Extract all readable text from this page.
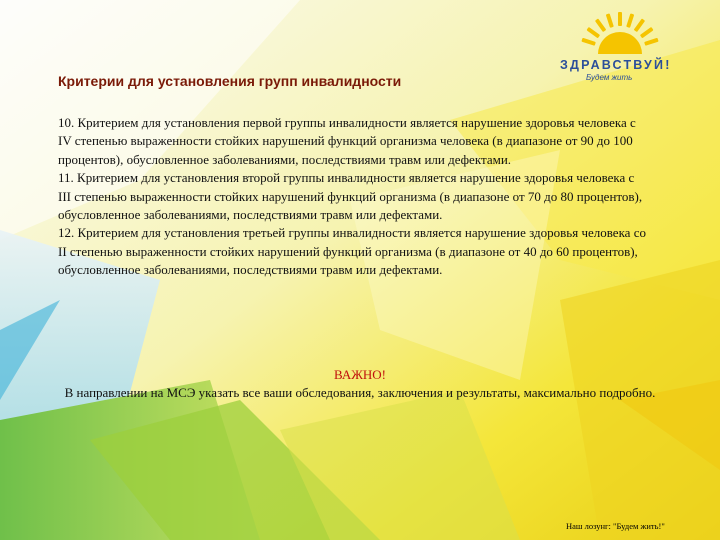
ЗДРАВСТВУЙ!
Будем жить
Критерии для установления групп инвалидности

10. Критерием для установления первой группы инвалидности является нарушение здоровья человека с IV степенью выраженности стойких нарушений функций организма человека (в диапазоне от 90 до 100 процентов), обусловленное заболеваниями, последствиями травм или дефектами.

11. Критерием для установления второй группы инвалидности является нарушение здоровья человека с III степенью выраженности стойких нарушений функций организма (в диапазоне от 70 до 80 процентов), обусловленное заболеваниями, последствиями травм или дефектами.

12. Критерием для установления третьей группы инвалидности является нарушение здоровья человека со II степенью выраженности стойких нарушений функций организма (в диапазоне от 40 до 60 процентов), обусловленное заболеваниями, последствиями травм или дефектами.

ВАЖНО!
В направлении на МСЭ указать все ваши обследования, заключения и результаты, максимально подробно.
Наш лозунг: "Будем жить!"
